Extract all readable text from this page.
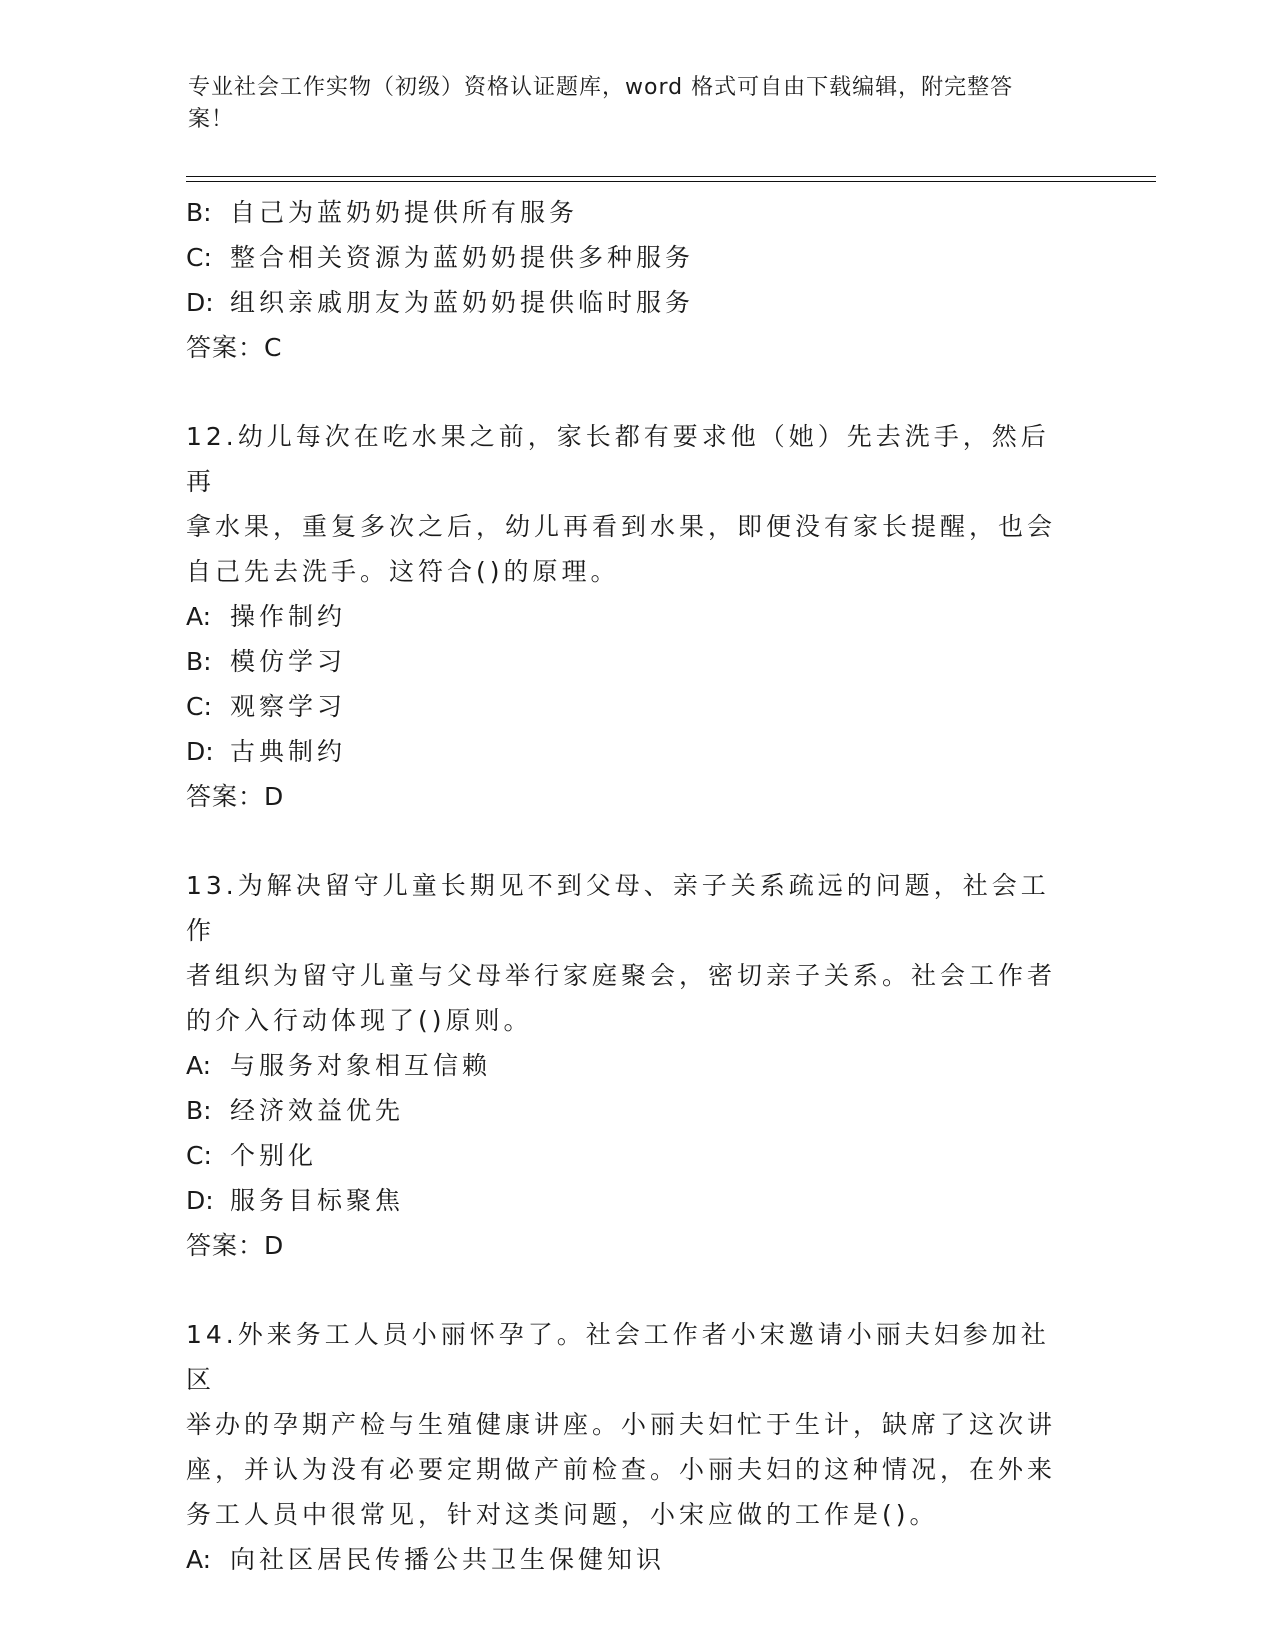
专业社会工作实物（初级）资格认证题库，word 格式可自由下载编辑，附完整答
案！
B: 自己为蓝奶奶提供所有服务
C: 整合相关资源为蓝奶奶提供多种服务
D: 组织亲戚朋友为蓝奶奶提供临时服务
答案：C
12.幼儿每次在吃水果之前，家长都有要求他（她）先去洗手，然后再
拿水果，重复多次之后，幼儿再看到水果，即便没有家长提醒，也会
自己先去洗手。这符合()的原理。
A: 操作制约
B: 模仿学习
C: 观察学习
D: 古典制约
答案：D
13.为解决留守儿童长期见不到父母、亲子关系疏远的问题，社会工作
者组织为留守儿童与父母举行家庭聚会，密切亲子关系。社会工作者
的介入行动体现了()原则。
A: 与服务对象相互信赖
B: 经济效益优先
C: 个别化
D: 服务目标聚焦
答案：D
14.外来务工人员小丽怀孕了。社会工作者小宋邀请小丽夫妇参加社区
举办的孕期产检与生殖健康讲座。小丽夫妇忙于生计，缺席了这次讲
座，并认为没有必要定期做产前检查。小丽夫妇的这种情况，在外来
务工人员中很常见，针对这类问题，小宋应做的工作是()。
A: 向社区居民传播公共卫生保健知识
